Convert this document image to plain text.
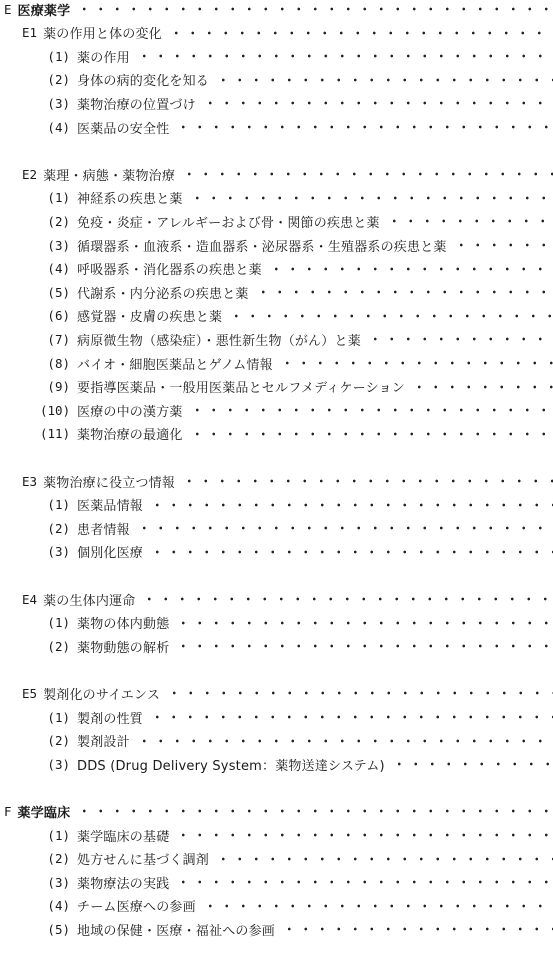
E 医療薬学
E1 薬の作用と体の変化
(1) 薬の作用
(2) 身体の病的変化を知る
(3) 薬物治療の位置づけ
(4) 医薬品の安全性
E2 薬理・病態・薬物治療
(1) 神経系の疾患と薬
(2) 免疫・炎症・アレルギーおよび骨・関節の疾患と薬
(3) 循環器系・血液系・造血器系・泌尿器系・生殖器系の疾患と薬
(4) 呼吸器系・消化器系の疾患と薬
(5) 代謝系・内分泌系の疾患と薬
(6) 感覚器・皮膚の疾患と薬
(7) 病原微生物（感染症）・悪性新生物（がん）と薬
(8) バイオ・細胞医薬品とゲノム情報
(9) 要指導医薬品・一般用医薬品とセルフメディケーション
(10) 医療の中の漢方薬
(11) 薬物治療の最適化
E3 薬物治療に役立つ情報
(1) 医薬品情報
(2) 患者情報
(3) 個別化医療
E4 薬の生体内運命
(1) 薬物の体内動態
(2) 薬物動態の解析
E5 製剤化のサイエンス
(1) 製剤の性質
(2) 製剤設計
(3) DDS (Drug Delivery System：薬物送達システム)
F 薬学臨床
(1) 薬学臨床の基礎
(2) 処方せんに基づく調剤
(3) 薬物療法の実践
(4) チーム医療への参画
(5) 地域の保健・医療・福祉への参画
